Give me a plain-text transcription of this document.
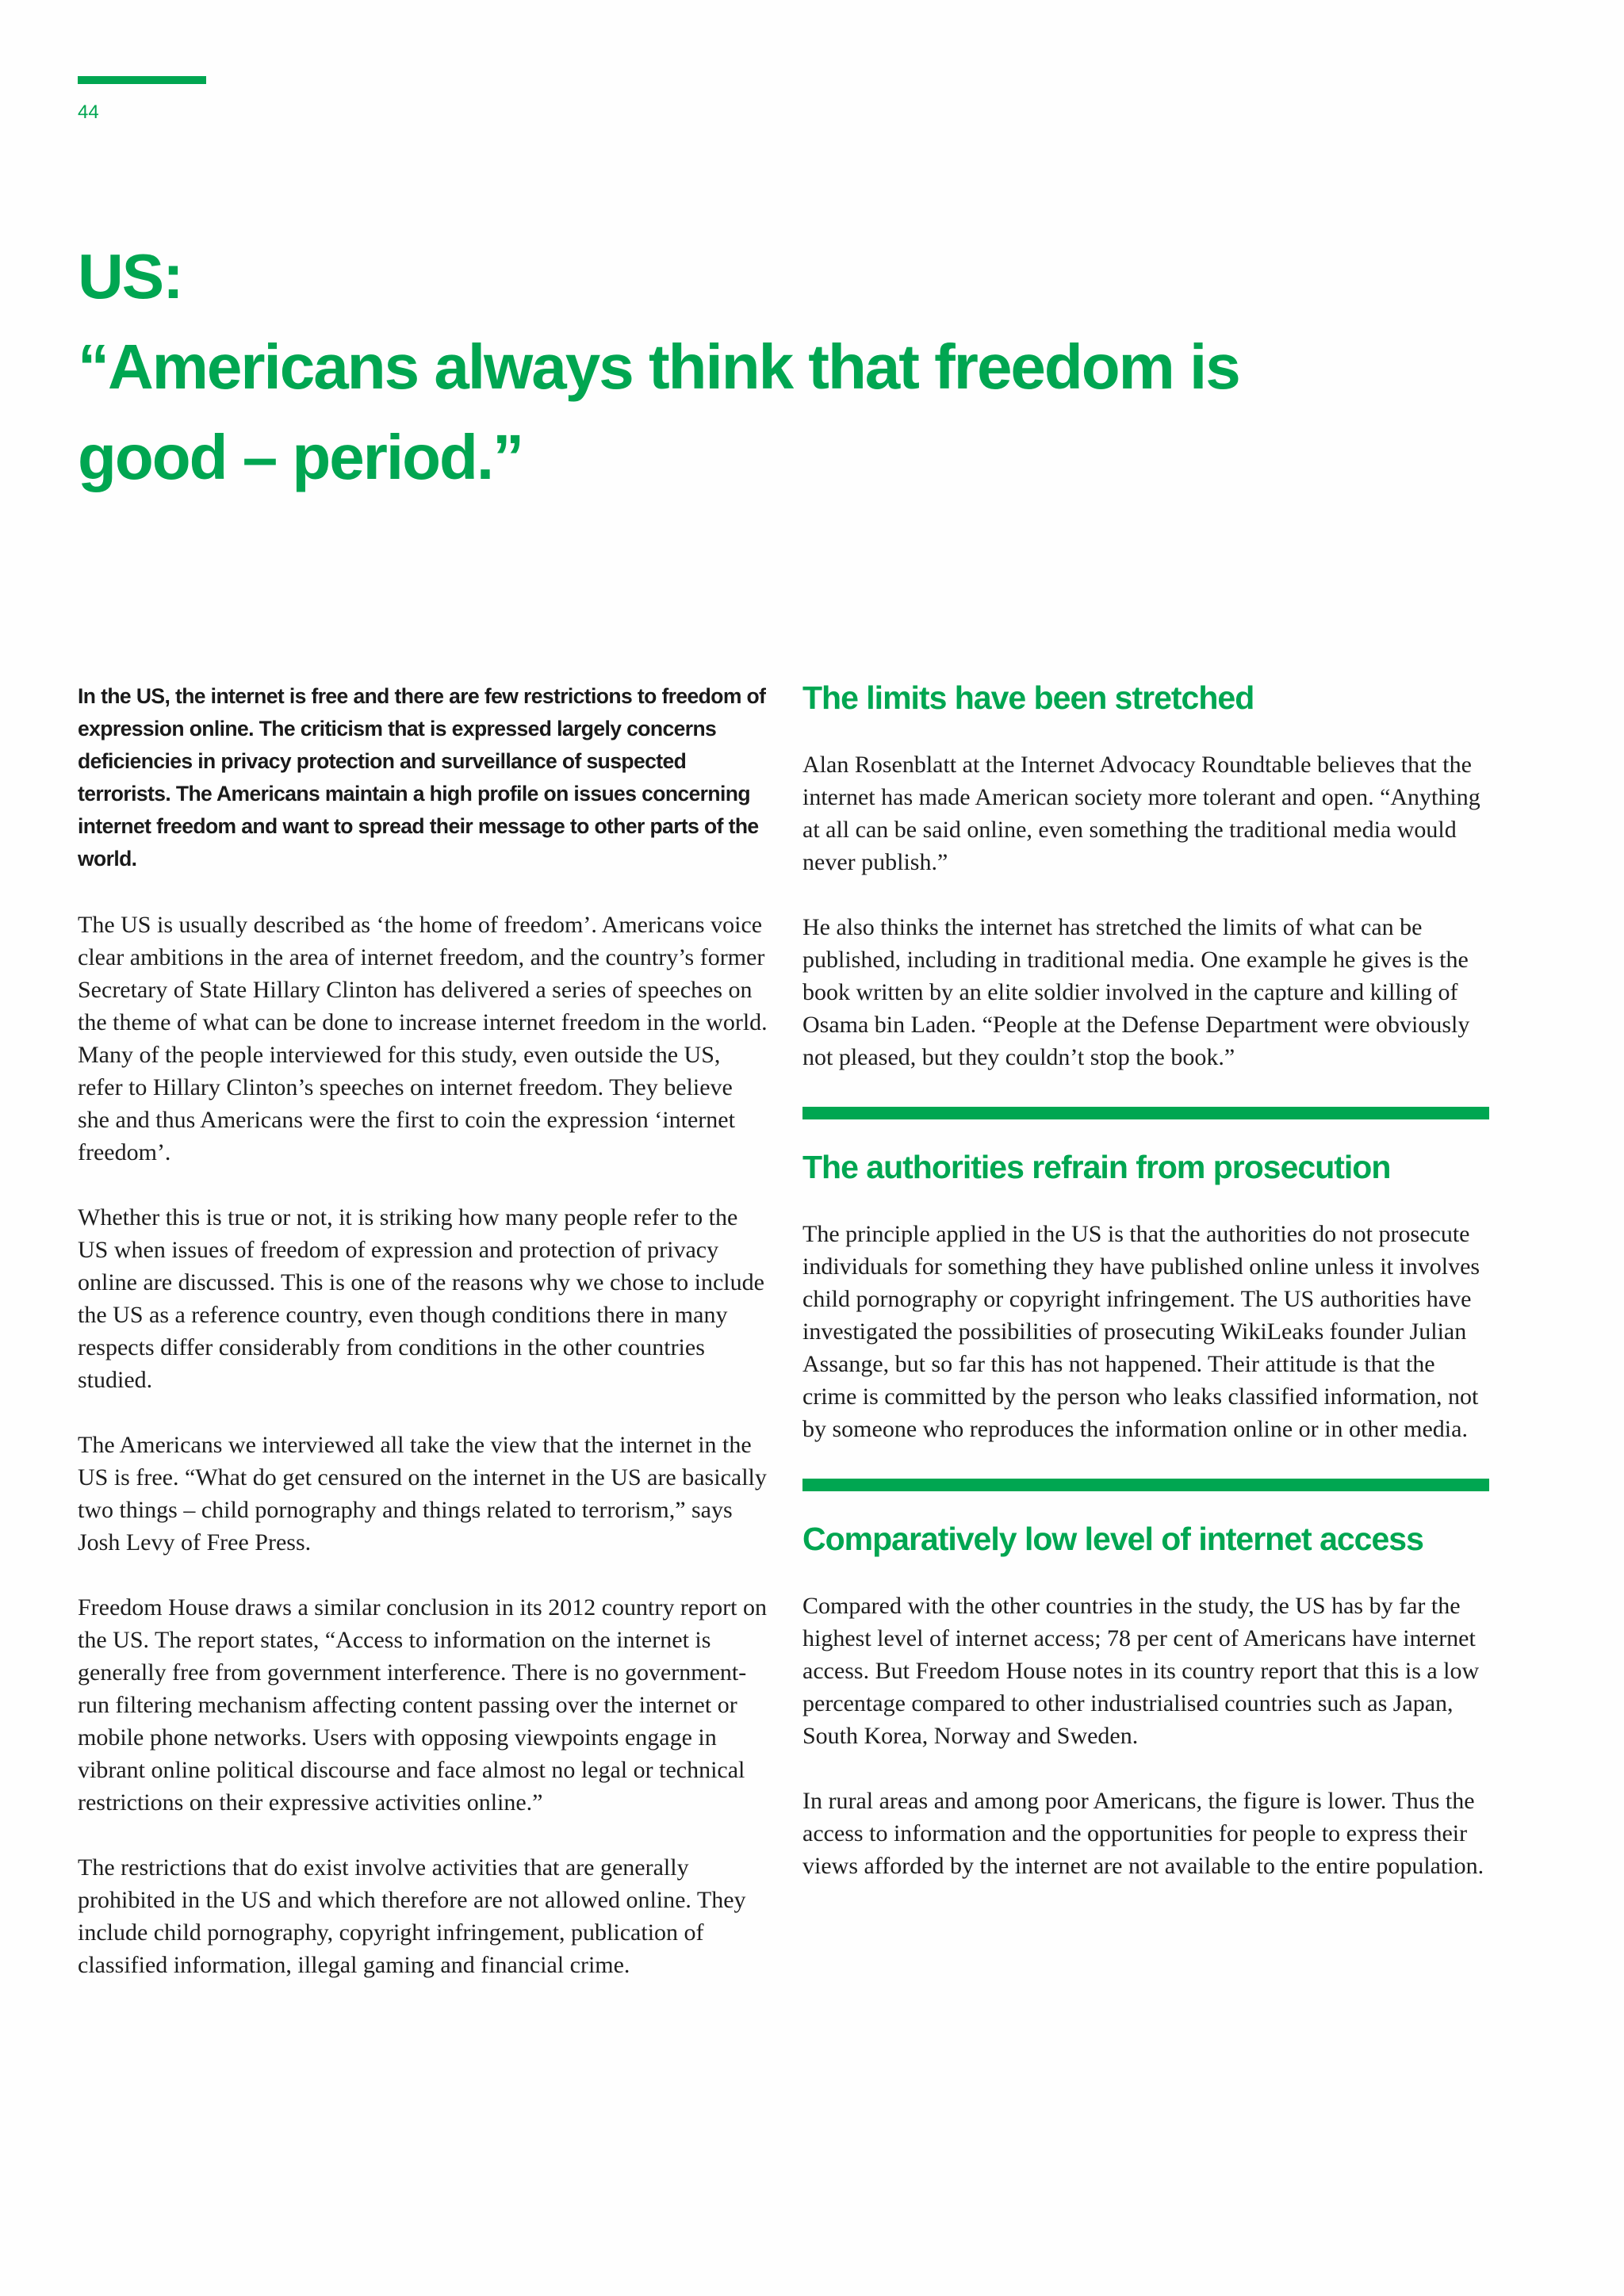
44
US:
“Americans always think that freedom is
good – period.”

In the US, the internet is free and there are few restrictions to freedom of expression online. The criticism that is expressed largely concerns deficiencies in privacy protection and surveillance of suspected terrorists. The Americans maintain a high profile on issues concerning internet freedom and want to spread their message to other parts of the world.

The US is usually described as ‘the home of freedom’. Americans voice clear ambitions in the area of internet freedom, and the country’s former Secretary of State Hillary Clinton has delivered a series of speeches on the theme of what can be done to increase internet freedom in the world. Many of the people interviewed for this study, even outside the US, refer to Hillary Clinton’s speeches on internet freedom. They believe she and thus Americans were the first to coin the expression ‘internet freedom’.

Whether this is true or not, it is striking how many people refer to the US when issues of freedom of expression and protection of privacy online are discussed. This is one of the reasons why we chose to include the US as a reference country, even though conditions there in many respects differ considerably from conditions in the other countries studied.

The Americans we interviewed all take the view that the internet in the US is free. “What do get censured on the internet in the US are basically two things – child pornography and things related to terrorism,” says Josh Levy of Free Press.

Freedom House draws a similar conclusion in its 2012 country report on the US. The report states, “Access to information on the internet is generally free from government interference. There is no government-run filtering mechanism affecting content passing over the internet or mobile phone networks. Users with opposing viewpoints engage in vibrant online political discourse and face almost no legal or technical restrictions on their expressive activities online.”

The restrictions that do exist involve activities that are generally prohibited in the US and which therefore are not allowed online. They include child pornography, copyright infringement, publication of classified information, illegal gaming and financial crime.

The limits have been stretched

Alan Rosenblatt at the Internet Advocacy Roundtable believes that the internet has made American society more tolerant and open. “Anything at all can be said online, even something the traditional media would never publish.”

He also thinks the internet has stretched the limits of what can be published, including in traditional media. One example he gives is the book written by an elite soldier involved in the capture and killing of Osama bin Laden. “People at the Defense Department were obviously not pleased, but they couldn’t stop the book.”

The authorities refrain from prosecution

The principle applied in the US is that the authorities do not prosecute individuals for something they have published online unless it involves child pornography or copyright infringement. The US authorities have investigated the possibilities of prosecuting WikiLeaks founder Julian Assange, but so far this has not happened. Their attitude is that the crime is committed by the person who leaks classified information, not by someone who reproduces the information online or in other media.

Comparatively low level of internet access

Compared with the other countries in the study, the US has by far the highest level of internet access; 78 per cent of Americans have internet access. But Freedom House notes in its country report that this is a low percentage compared to other industrialised countries such as Japan, South Korea, Norway and Sweden.

In rural areas and among poor Americans, the figure is lower. Thus the access to information and the opportunities for people to express their views afforded by the internet are not available to the entire population.
